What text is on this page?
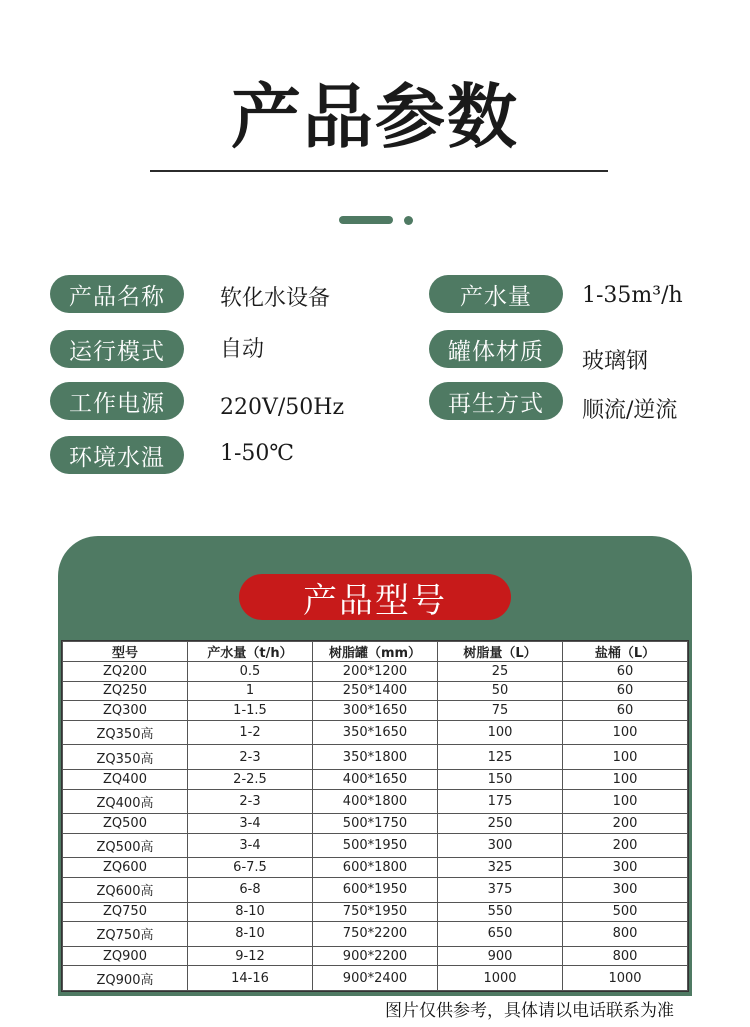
产品参数
产品名称	软化水设备	产水量	1-35m³/h
运行模式	自动	罐体材质	玻璃钢
工作电源	220V/50Hz	再生方式	顺流/逆流
环境水温	1-50℃
产品型号
型号	产水量（t/h）	树脂罐（mm）	树脂量（L）	盐桶（L）
ZQ200	0.5	200*1200	25	60
ZQ250	1	250*1400	50	60
ZQ300	1-1.5	300*1650	75	60
ZQ350高	1-2	350*1650	100	100
ZQ350高	2-3	350*1800	125	100
ZQ400	2-2.5	400*1650	150	100
ZQ400高	2-3	400*1800	175	100
ZQ500	3-4	500*1750	250	200
ZQ500高	3-4	500*1950	300	200
ZQ600	6-7.5	600*1800	325	300
ZQ600高	6-8	600*1950	375	300
ZQ750	8-10	750*1950	550	500
ZQ750高	8-10	750*2200	650	800
ZQ900	9-12	900*2200	900	800
ZQ900高	14-16	900*2400	1000	1000
图片仅供参考，具体请以电话联系为准
